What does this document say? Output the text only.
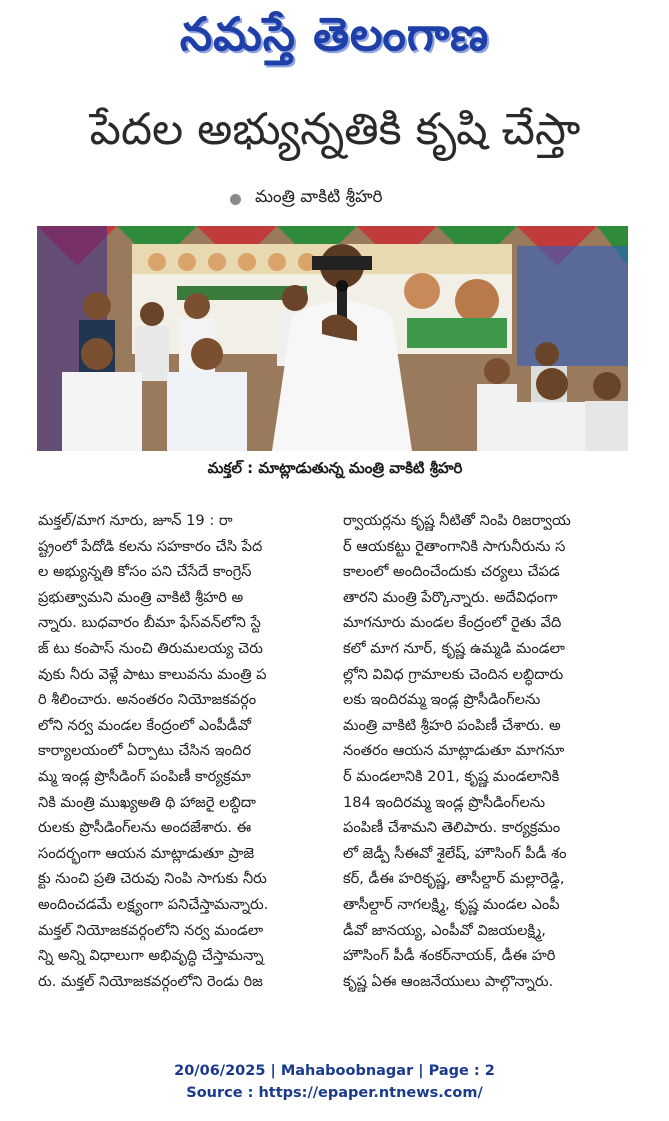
నమస్తే తెలంగాణ
పేదల అభ్యున్నతికి కృషి చేస్తా
మంత్రి వాకిటి శ్రీహరి
మక్తల్ : మాట్లాడుతున్న మంత్రి వాకిటి శ్రీహరి
మక్తల్/మాగ నూరు, జూన్ 19 : రా
ష్ట్రంలో పేదోడి కలను సహకారం చేసి పేద
ల అభ్యున్నతి కోసం పని చేసేదే కాంగ్రెస్
ప్రభుత్వామని మంత్రి వాకిటి శ్రీహరి అ
న్నారు. బుధవారం బీమా ఫేస్‌వన్‌లోని స్టే
జ్ టు కంపాస్ నుంచి తిరుమలయ్య చెరు
వుకు నీరు వెళ్లే పాటు కాలువను మంత్రి ప
రి శీలించారు. అనంతరం నియోజకవర్గం
లోని నర్వ మండల కేంద్రంలో ఎంపీడీవో
కార్యాలయంలో ఏర్పాటు చేసిన ఇందిర
మ్మ ఇండ్ల ప్రొసీడింగ్ పంపిణీ కార్యక్రమా
నికి మంత్రి ముఖ్యఅతి థి హాజరై లబ్ధిదా
రులకు ప్రొసీడింగ్‌లను అందజేశారు. ఈ
సందర్భంగా ఆయన మాట్లాడుతూ ప్రాజె
క్టు నుంచి ప్రతి చెరువు నింపి సాగుకు నీరు
అందించడమే లక్ష్యంగా పనిచేస్తామన్నారు.
మక్తల్ నియోజకవర్గంలోని నర్వ మండలా
న్ని అన్ని విధాలుగా అభివృద్ధి చేస్తామన్నా
రు. మక్తల్ నియోజకవర్గంలోని రెండు రిజ
ర్వాయర్లను కృష్ణ నీటితో నింపి రిజర్వాయ
ర్ ఆయకట్టు రైతాంగానికి సాగునీరును స
కాలంలో అందించేందుకు చర్యలు చేపడ
తారని మంత్రి పేర్కొన్నారు. అదేవిధంగా
మాగనూరు మండల కేంద్రంలో రైతు వేది
కలో మాగ నూర్, కృష్ణ ఉమ్మడి మండలా
ల్లోని వివిధ గ్రామాలకు చెందిన లబ్ధిదారు
లకు ఇందిరమ్మ ఇండ్ల ప్రొసీడింగ్‌లను
మంత్రి వాకిటి శ్రీహరి పంపిణీ చేశారు. అ
నంతరం ఆయన మాట్లాడుతూ మాగనూ
ర్ మండలానికి 201, కృష్ణ మండలానికి
184 ఇందిరమ్మ ఇండ్ల ప్రొసీడింగ్‌లను
పంపిణీ చేశామని తెలిపారు. కార్యక్రమం
లో జెడ్పీ సీఈవో శైలేష్, హౌసింగ్ పీడీ శం
కర్, డీఈ హరికృష్ణ, తాసీల్దార్ మల్లారెడ్డి,
తాసీల్దార్ నాగలక్ష్మి, కృష్ణ మండల ఎంపీ
డీవో జానయ్య, ఎంపీవో విజయలక్ష్మి,
హౌసింగ్ పీడీ శంకర్‌నాయక్, డీఈ హరి
కృష్ణ ఏఈ ఆంజనేయులు పాల్గొన్నారు.
20/06/2025 | Mahaboobnagar | Page : 2
Source : https://epaper.ntnews.com/
